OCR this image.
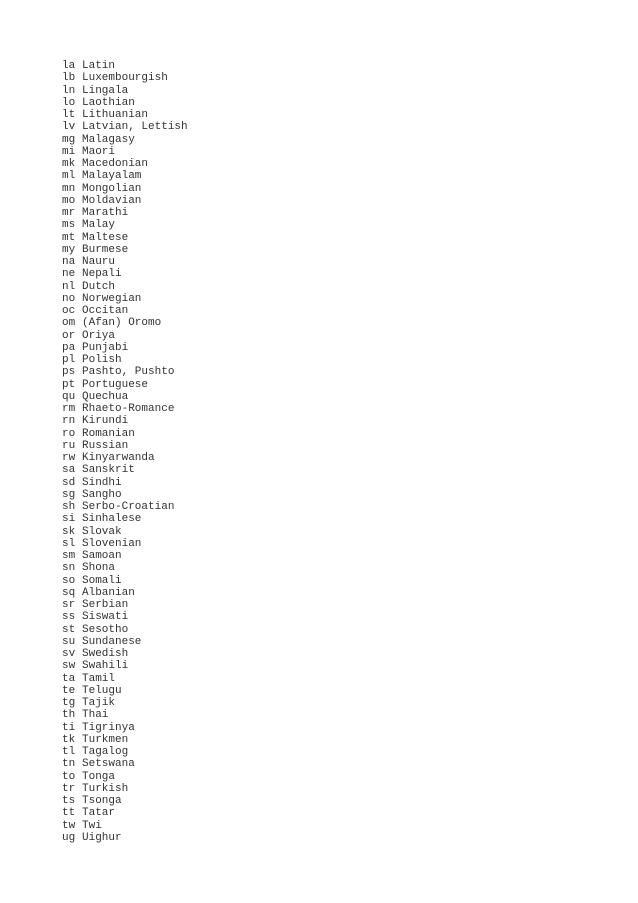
la Latin
lb Luxembourgish
ln Lingala
lo Laothian
lt Lithuanian
lv Latvian, Lettish
mg Malagasy
mi Maori
mk Macedonian
ml Malayalam
mn Mongolian
mo Moldavian
mr Marathi
ms Malay
mt Maltese
my Burmese
na Nauru
ne Nepali
nl Dutch
no Norwegian
oc Occitan
om (Afan) Oromo
or Oriya
pa Punjabi
pl Polish
ps Pashto, Pushto
pt Portuguese
qu Quechua
rm Rhaeto-Romance
rn Kirundi
ro Romanian
ru Russian
rw Kinyarwanda
sa Sanskrit
sd Sindhi
sg Sangho
sh Serbo-Croatian
si Sinhalese
sk Slovak
sl Slovenian
sm Samoan
sn Shona
so Somali
sq Albanian
sr Serbian
ss Siswati
st Sesotho
su Sundanese
sv Swedish
sw Swahili
ta Tamil
te Telugu
tg Tajik
th Thai
ti Tigrinya
tk Turkmen
tl Tagalog
tn Setswana
to Tonga
tr Turkish
ts Tsonga
tt Tatar
tw Twi
ug Uighur
